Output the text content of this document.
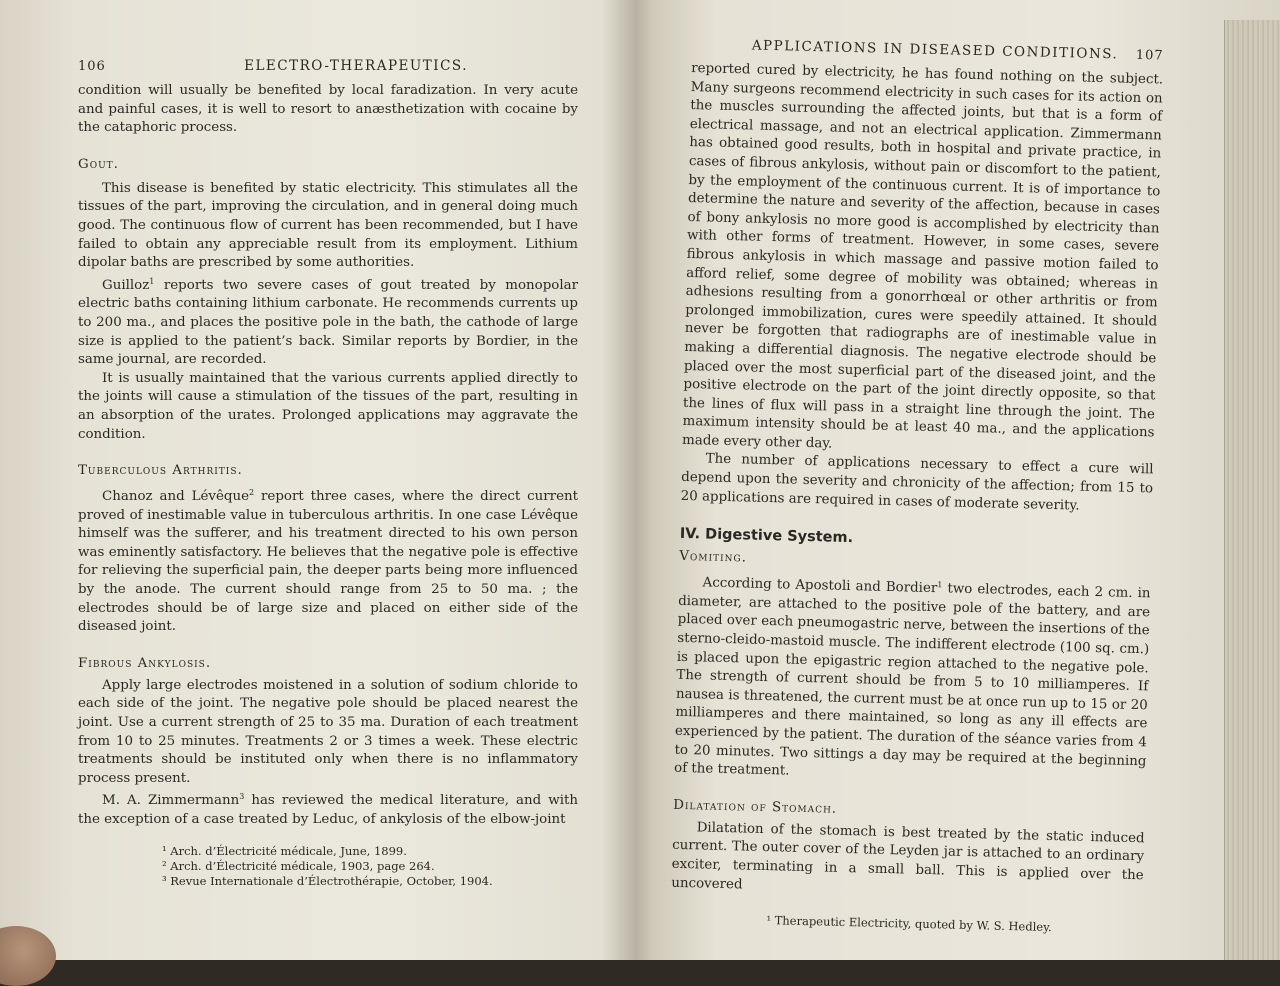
106	ELECTRO-THERAPEUTICS.

condition will usually be benefited by local faradization. In very acute and painful cases, it is well to resort to anæsthetization with cocaine by the cataphoric process.

Gout.

This disease is benefited by static electricity. This stimulates all the tissues of the part, improving the circulation, and in general doing much good. The continuous flow of current has been recommended, but I have failed to obtain any appreciable result from its employment. Lithium dipolar baths are prescribed by some authorities.

Guilloz$^1$ reports two severe cases of gout treated by monopolar electric baths containing lithium carbonate. He recommends currents up to 200 ma., and places the positive pole in the bath, the cathode of large size is applied to the patient’s back. Similar reports by Bordier, in the same journal, are recorded.

It is usually maintained that the various currents applied directly to the joints will cause a stimulation of the tissues of the part, resulting in an absorption of the urates. Prolonged applications may aggravate the condition.

Tuberculous Arthritis.

Chanoz and Lévêque$^2$ report three cases, where the direct current proved of inestimable value in tuberculous arthritis. In one case Lévêque himself was the sufferer, and his treatment directed to his own person was eminently satisfactory. He believes that the negative pole is effective for relieving the superficial pain, the deeper parts being more influenced by the anode. The current should range from 25 to 50 ma. ; the electrodes should be of large size and placed on either side of the diseased joint.

Fibrous Ankylosis.

Apply large electrodes moistened in a solution of sodium chloride to each side of the joint. The negative pole should be placed nearest the joint. Use a current strength of 25 to 35 ma. Duration of each treatment from 10 to 25 minutes. Treatments 2 or 3 times a week. These electric treatments should be instituted only when there is no inflammatory process present.

M. A. Zimmermann$^3$ has reviewed the medical literature, and with the exception of a case treated by Leduc, of ankylosis of the elbow-joint

¹ Arch. d’Électricité médicale, June, 1899.
² Arch. d’Électricité médicale, 1903, page 264.
³ Revue Internationale d’Électrothérapie, October, 1904.
APPLICATIONS IN DISEASED CONDITIONS. 107

reported cured by electricity, he has found nothing on the subject. Many surgeons recommend electricity in such cases for its action on the muscles surrounding the affected joints, but that is a form of electrical massage, and not an electrical application. Zimmermann has obtained good results, both in hospital and private practice, in cases of fibrous ankylosis, without pain or discomfort to the patient, by the employment of the continuous current. It is of importance to determine the nature and severity of the affection, because in cases of bony ankylosis no more good is accomplished by electricity than with other forms of treatment. However, in some cases, severe fibrous ankylosis in which massage and passive motion failed to afford relief, some degree of mobility was obtained; whereas in adhesions resulting from a gonorrhœal or other arthritis or from prolonged immobilization, cures were speedily attained. It should never be forgotten that radiographs are of inestimable value in making a differential diagnosis. The negative electrode should be placed over the most superficial part of the diseased joint, and the positive electrode on the part of the joint directly opposite, so that the lines of flux will pass in a straight line through the joint. The maximum intensity should be at least 40 ma., and the applications made every other day.

The number of applications necessary to effect a cure will depend upon the severity and chronicity of the affection; from 15 to 20 applications are required in cases of moderate severity.

IV. Digestive System.
Vomiting.

According to Apostoli and Bordier$^1$ two electrodes, each 2 cm. in diameter, are attached to the positive pole of the battery, and are placed over each pneumogastric nerve, between the insertions of the sterno-cleido-mastoid muscle. The indifferent electrode (100 sq. cm.) is placed upon the epigastric region attached to the negative pole. The strength of current should be from 5 to 10 milliamperes. If nausea is threatened, the current must be at once run up to 15 or 20 milliamperes and there maintained, so long as any ill effects are experienced by the patient. The duration of the séance varies from 4 to 20 minutes. Two sittings a day may be required at the beginning of the treatment.

Dilatation of Stomach.

Dilatation of the stomach is best treated by the static induced current. The outer cover of the Leyden jar is attached to an ordinary exciter, terminating in a small ball. This is applied over the uncovered

¹ Therapeutic Electricity, quoted by W. S. Hedley.
